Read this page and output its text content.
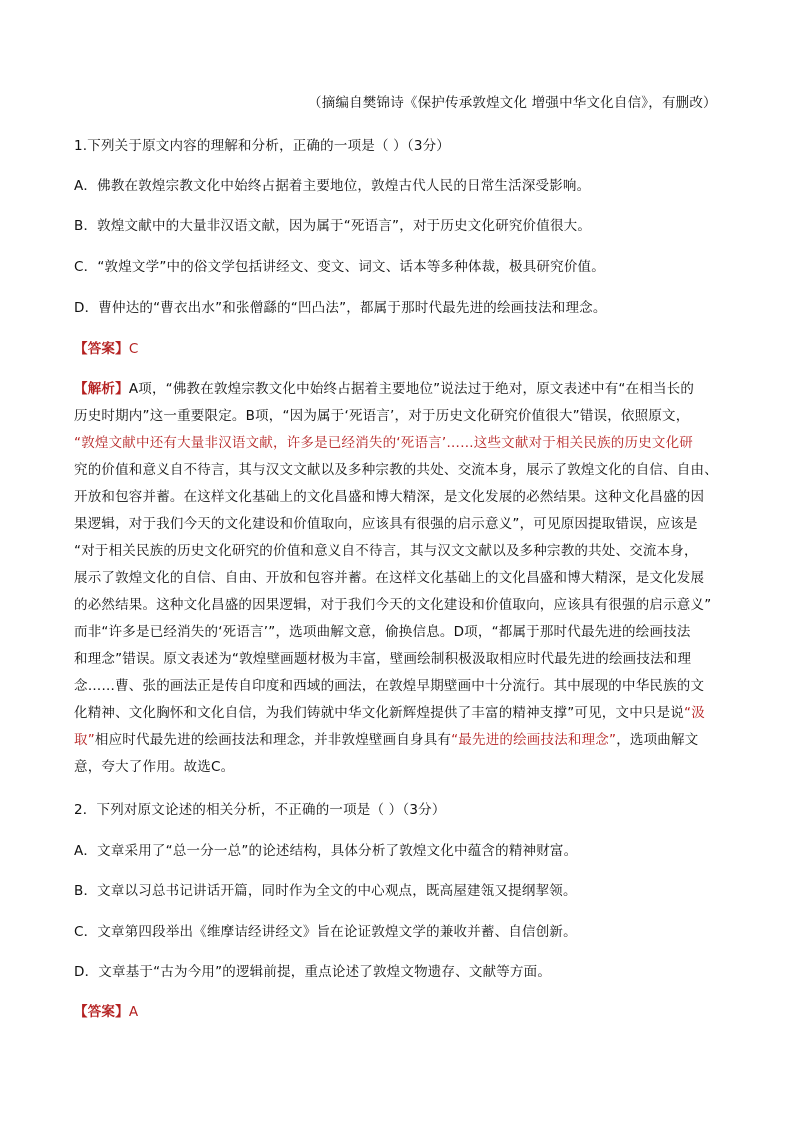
（摘编自樊锦诗《保护传承敦煌文化 增强中华文化自信》，有删改）
1.下列关于原文内容的理解和分析，正确的一项是（ ）（3分）
A．佛教在敦煌宗教文化中始终占据着主要地位，敦煌古代人民的日常生活深受影响。
B．敦煌文献中的大量非汉语文献，因为属于“死语言”，对于历史文化研究价值很大。
C．“敦煌文学”中的俗文学包括讲经文、变文、词文、话本等多种体裁，极具研究价值。
D．曹仲达的“曹衣出水”和张僧繇的“凹凸法”，都属于那时代最先进的绘画技法和理念。
【答案】C
【解析】A项，“佛教在敦煌宗教文化中始终占据着主要地位”说法过于绝对，原文表述中有“在相当长的
历史时期内”这一重要限定。B项，“因为属于‘死语言’，对于历史文化研究价值很大”错误，依照原文，
“敦煌文献中还有大量非汉语文献，许多是已经消失的‘死语言’……这些文献对于相关民族的历史文化研
究的价值和意义自不待言，其与汉文文献以及多种宗教的共处、交流本身，展示了敦煌文化的自信、自由、
开放和包容并蓄。在这样文化基础上的文化昌盛和博大精深，是文化发展的必然结果。这种文化昌盛的因
果逻辑，对于我们今天的文化建设和价值取向，应该具有很强的启示意义”，可见原因提取错误，应该是
“对于相关民族的历史文化研究的价值和意义自不待言，其与汉文文献以及多种宗教的共处、交流本身，
展示了敦煌文化的自信、自由、开放和包容并蓄。在这样文化基础上的文化昌盛和博大精深，是文化发展
的必然结果。这种文化昌盛的因果逻辑，对于我们今天的文化建设和价值取向，应该具有很强的启示意义”
而非“许多是已经消失的‘死语言’”，选项曲解文意，偷换信息。D项，“都属于那时代最先进的绘画技法
和理念”错误。原文表述为“敦煌壁画题材极为丰富，壁画绘制积极汲取相应时代最先进的绘画技法和理
念……曹、张的画法正是传自印度和西域的画法，在敦煌早期壁画中十分流行。其中展现的中华民族的文
化精神、文化胸怀和文化自信，为我们铸就中华文化新辉煌提供了丰富的精神支撑”可见，文中只是说“汲
取”相应时代最先进的绘画技法和理念，并非敦煌壁画自身具有“最先进的绘画技法和理念”，选项曲解文
意，夸大了作用。故选C。
2．下列对原文论述的相关分析，不正确的一项是（ ）（3分）
A．文章采用了“总一分一总”的论述结构，具体分析了敦煌文化中蕴含的精神财富。
B．文章以习总书记讲话开篇，同时作为全文的中心观点，既高屋建瓴又提纲挈领。
C．文章第四段举出《维摩诘经讲经文》旨在论证敦煌文学的兼收并蓄、自信创新。
D．文章基于“古为今用”的逻辑前提，重点论述了敦煌文物遗存、文献等方面。
【答案】A
